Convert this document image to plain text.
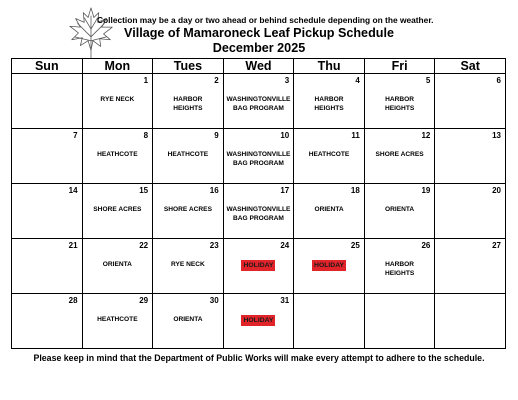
Collection may be a day or two ahead or behind schedule depending on the weather.
Village of Mamaroneck Leaf Pickup Schedule
December 2025
Sun	Mon	Tues	Wed	Thu	Fri	Sat

	1
RYE NECK	2
HARBOR
HEIGHTS	3
WASHINGTONVILLE
BAG PROGRAM	4
HARBOR
HEIGHTS	5
HARBOR
HEIGHTS	6

7	8
HEATHCOTE	9
HEATHCOTE	10
WASHINGTONVILLE
BAG PROGRAM	11
HEATHCOTE	12
SHORE ACRES	13

14	15
SHORE ACRES	16
SHORE ACRES	17
WASHINGTONVILLE
BAG PROGRAM	18
ORIENTA	19
ORIENTA	20

21	22
ORIENTA	23
RYE NECK	24
HOLIDAY	25
HOLIDAY	26
HARBOR
HEIGHTS	27

28	29
HEATHCOTE	30
ORIENTA	31
HOLIDAY			

Please keep in mind that the Department of Public Works will make every attempt to adhere to the schedule.
